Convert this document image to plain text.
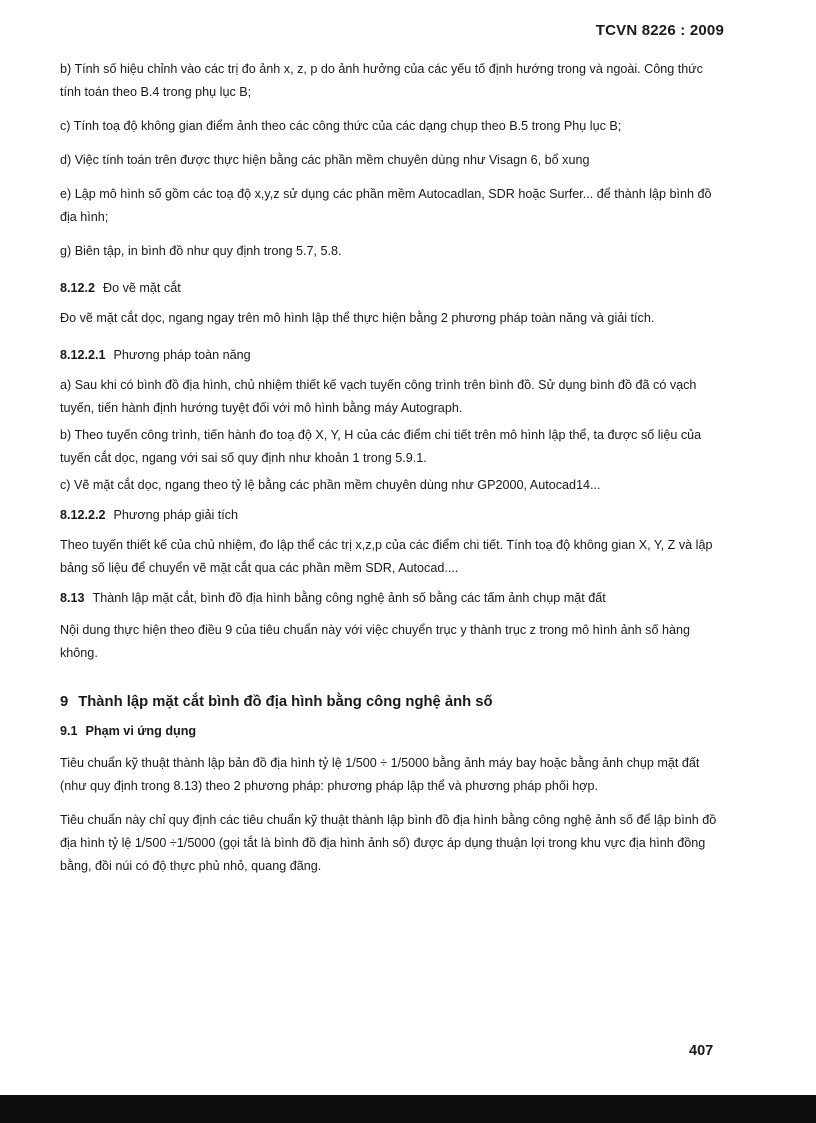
TCVN 8226 : 2009

b) Tính số hiệu chỉnh vào các trị đo ảnh x, z, p do ảnh hưởng của các yếu tố định hướng trong và ngoài. Công thức tính toán theo B.4 trong phụ lục B;

c) Tính toạ độ không gian điểm ảnh theo các công thức của các dạng chụp theo B.5 trong Phụ lục B;

d) Việc tính toán trên được thực hiện bằng các phần mềm chuyên dùng như Visagn 6, bổ xung

e) Lập mô hình số gồm các toạ độ x,y,z sử dụng các phần mềm Autocadlan, SDR hoặc Surfer... để thành lập bình đồ địa hình;

g) Biên tập, in bình đồ như quy định trong 5.7, 5.8.

8.12.2 Đo vẽ mặt cắt

Đo vẽ mặt cắt dọc, ngang ngay trên mô hình lập thể thực hiện bằng 2 phương pháp toàn năng và giải tích.

8.12.2.1 Phương pháp toàn năng

a) Sau khi có bình đồ địa hình, chủ nhiệm thiết kế vạch tuyến công trình trên bình đồ. Sử dụng bình đồ đã có vạch tuyến, tiến hành định hướng tuyệt đối với mô hình bằng máy Autograph.

b) Theo tuyến công trình, tiến hành đo toạ độ X, Y, H của các điểm chi tiết trên mô hình lập thể, ta được số liệu của tuyến cắt dọc, ngang với sai số quy định như khoản 1 trong 5.9.1.

c) Vẽ mặt cắt dọc, ngang theo tỷ lệ bằng các phần mềm chuyên dùng như GP2000, Autocad14...

8.12.2.2 Phương pháp giải tích

Theo tuyến thiết kế của chủ nhiệm, đo lập thể các trị x,z,p của các điểm chi tiết. Tính toạ độ không gian X, Y, Z và lập bảng số liệu để chuyển vẽ mặt cắt qua các phần mềm SDR, Autocad....

8.13 Thành lập mặt cắt, bình đồ địa hình bằng công nghệ ảnh số bằng các tấm ảnh chụp mặt đất

Nội dung thực hiện theo điều 9 của tiêu chuẩn này với việc chuyển trục y thành trục z trong mô hình ảnh số hàng không.

9 Thành lập mặt cắt bình đồ địa hình bằng công nghệ ảnh số
9.1 Phạm vi ứng dụng

Tiêu chuẩn kỹ thuật thành lập bản đồ địa hình tỷ lệ 1/500 ÷ 1/5000 bằng ảnh máy bay hoặc bằng ảnh chụp mặt đất (như quy định trong 8.13) theo 2 phương pháp: phương pháp lập thể và phương pháp phối hợp.

Tiêu chuẩn này chỉ quy định các tiêu chuẩn kỹ thuật thành lập bình đồ địa hình bằng công nghệ ảnh số để lập bình đồ địa hình tỷ lệ 1/500 ÷1/5000 (gọi tắt là bình đồ địa hình ảnh số) được áp dụng thuận lợi trong khu vực địa hình đồng bằng, đồi núi có độ thực phủ nhỏ, quang đãng.

407
